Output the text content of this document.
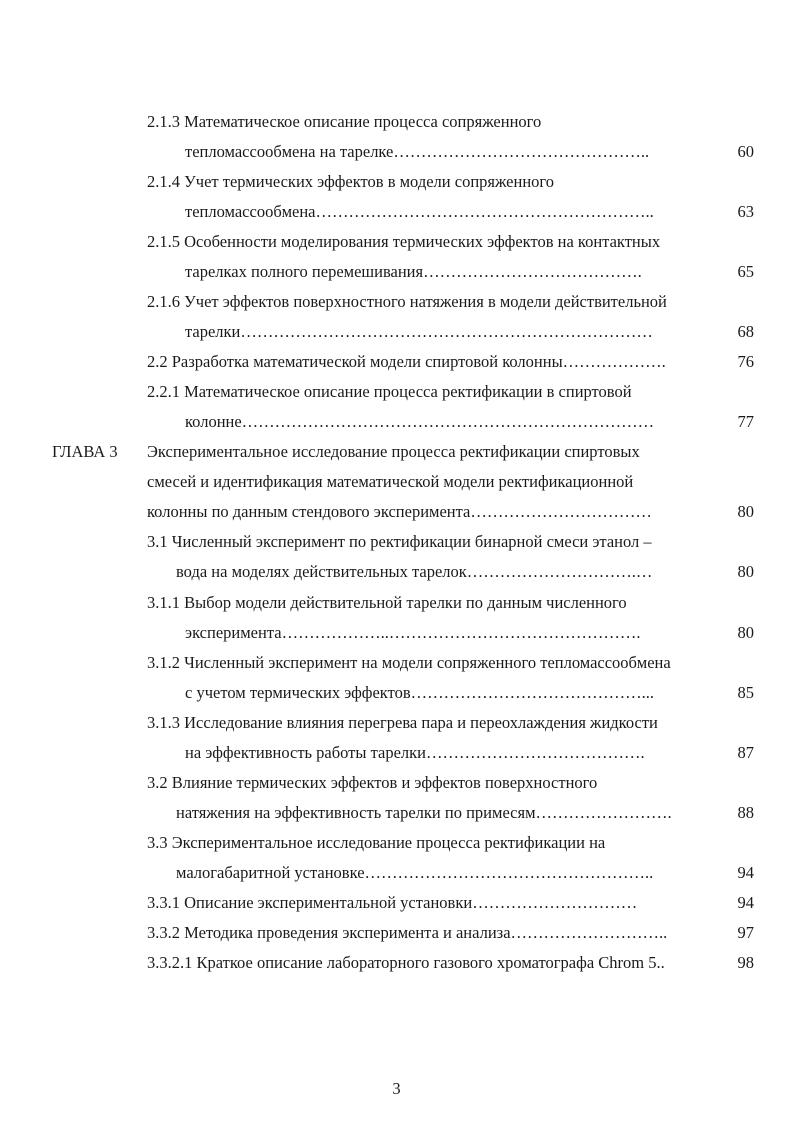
2.1.3 Математическое описание процесса сопряженного
тепломассообмена на тарелке………………………………………..	60
2.1.4 Учет термических эффектов в модели сопряженного
тепломассообмена……………………………………………………..	63
2.1.5 Особенности моделирования термических эффектов на контактных
тарелках полного перемешивания………………………………….	65
2.1.6 Учет эффектов поверхностного натяжения в модели действительной
тарелки…………………………………………………………………	68
2.2 Разработка математической модели спиртовой колонны……………….	76
2.2.1 Математическое описание процесса ректификации в спиртовой
колонне…………………………………………………………………	77
ГЛАВА 3 Экспериментальное исследование процесса ректификации спиртовых
смесей и идентификация математической модели ректификационной
колонны по данным стендового эксперимента……………………………	80
3.1 Численный эксперимент по ректификации бинарной смеси этанол –
вода на моделях действительных тарелок………………………….…	80
3.1.1 Выбор модели действительной тарелки по данным численного
эксперимента………………..……………………………………….	80
3.1.2 Численный эксперимент на модели сопряженного тепломассообмена
с учетом термических эффектов……………………………………...	85
3.1.3 Исследование влияния перегрева пара и переохлаждения жидкости
на эффективность работы тарелки………………………………….	87
3.2 Влияние термических эффектов и эффектов поверхностного
натяжения на эффективность тарелки по примесям…………………….	88
3.3 Экспериментальное исследование процесса ректификации на
малогабаритной установке……………………………………………..	94
3.3.1 Описание экспериментальной установки…………………………	94
3.3.2 Методика проведения эксперимента и анализа………………………..	97
3.3.2.1 Краткое описание лабораторного газового хроматографа Chrom 5..	98
3
